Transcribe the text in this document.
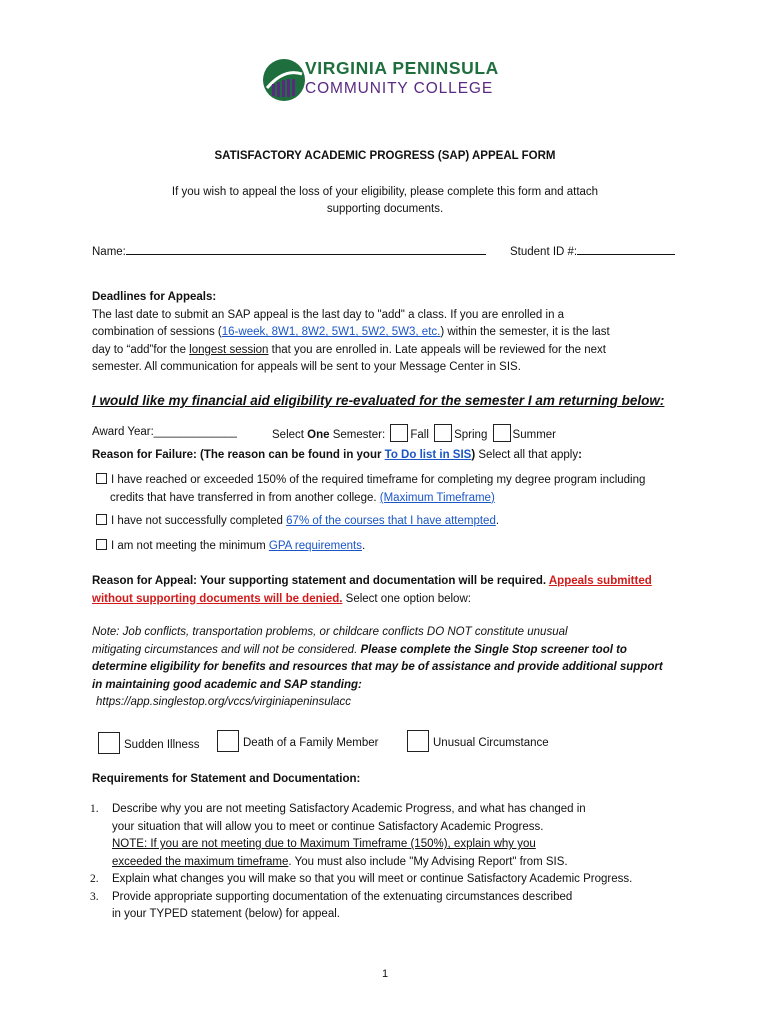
VIRGINIA PENINSULA
COMMUNITY COLLEGE
SATISFACTORY ACADEMIC PROGRESS (SAP) APPEAL FORM
If you wish to appeal the loss of your eligibility, please complete this form and attach
supporting documents.
Name:	Student ID #:
Deadlines for Appeals:
The last date to submit an SAP appeal is the last day to "add" a class. If you are enrolled in a
combination of sessions (16-week, 8W1, 8W2, 5W1, 5W2, 5W3, etc.) within the semester, it is the last
day to “add”for the longest session that you are enrolled in. Late appeals will be reviewed for the next
semester. All communication for appeals will be sent to your Message Center in SIS.
I would like my financial aid eligibility re-evaluated for the semester I am returning below:
Award Year:_____________	Select One Semester: Fall Spring Summer
Reason for Failure: (The reason can be found in your To Do list in SIS) Select all that apply:
I have reached or exceeded 150% of the required timeframe for completing my degree program including
credits that have transferred in from another college. (Maximum Timeframe)
I have not successfully completed 67% of the courses that I have attempted.
I am not meeting the minimum GPA requirements.
Reason for Appeal: Your supporting statement and documentation will be required. Appeals submitted
without supporting documents will be denied. Select one option below:
Note: Job conflicts, transportation problems, or childcare conflicts DO NOT constitute unusual
mitigating circumstances and will not be considered. Please complete the Single Stop screener tool to
determine eligibility for benefits and resources that may be of assistance and provide additional support
in maintaining good academic and SAP standing:
https://app.singlestop.org/vccs/virginiapeninsulacc
Sudden Illness	Death of a Family Member	Unusual Circumstance
Requirements for Statement and Documentation:
1. Describe why you are not meeting Satisfactory Academic Progress, and what has changed in
your situation that will allow you to meet or continue Satisfactory Academic Progress.
NOTE: If you are not meeting due to Maximum Timeframe (150%), explain why you
exceeded the maximum timeframe. You must also include "My Advising Report" from SIS.
2. Explain what changes you will make so that you will meet or continue Satisfactory Academic Progress.
3. Provide appropriate supporting documentation of the extenuating circumstances described
in your TYPED statement (below) for appeal.
1
